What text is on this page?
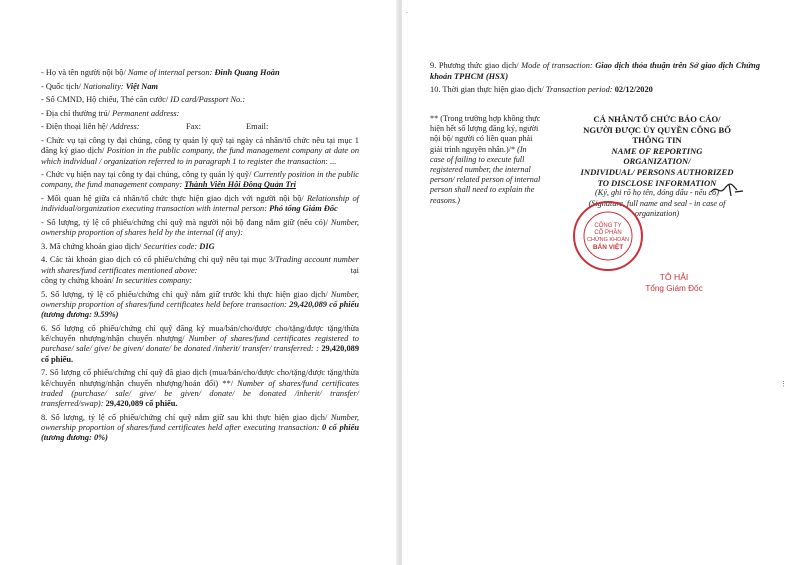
- Họ và tên người nội bộ/ Name of internal person: Đinh Quang Hoàn
- Quốc tịch/ Nationality: Việt Nam
- Số CMND, Hộ chiếu, Thẻ căn cước/ ID card/Passport No.:
- Địa chỉ thường trú/ Permanent address:
- Điện thoại liên hệ/ Address:	Fax:	Email:
- Chức vụ tại công ty đại chúng, công ty quản lý quỹ tại ngày cá nhân/tổ chức nêu tại mục 1 đăng ký giao dịch/ Position in the public company, the fund management company at date on which individual / organization referred to in paragraph 1 to register the transaction: ...
- Chức vụ hiện nay tại công ty đại chúng, công ty quản lý quỹ/ Currently position in the public company, the fund management company: Thành Viên Hội Đồng Quản Trị
- Mối quan hệ giữa cá nhân/tổ chức thực hiện giao dịch với người nội bộ/ Relationship of individual/organization executing transaction with internal person: Phó tổng Giám Đốc
- Số lượng, tỷ lệ cổ phiếu/chứng chỉ quỹ mà người nội bộ đang nắm giữ (nếu có)/ Number, ownership proportion of shares held by the internal (if any):
3. Mã chứng khoán giao dịch/ Securities code: DIG
4. Các tài khoản giao dịch có cổ phiếu/chứng chỉ quỹ nêu tại mục 3/Trading account number with shares/fund certificates mentioned above:	tại

công ty chứng khoán/ In securities company:
5. Số lượng, tỷ lệ cổ phiếu/chứng chỉ quỹ nắm giữ trước khi thực hiện giao dịch/ Number, ownership proportion of shares/fund certificates held before transaction: 29,420,089 cổ phiếu (tương đương: 9.59%)
6. Số lượng cổ phiếu/chứng chỉ quỹ đăng ký mua/bán/cho/được cho/tặng/được tặng/thừa kế/chuyển nhượng/nhận chuyển nhượng/ Number of shares/fund certificates registered to purchase/ sale/ give/ be given/ donate/ be donated /inherit/ transfer/ transferred: : 29,420,089 cổ phiếu.
7. Số lượng cổ phiếu/chứng chỉ quỹ đã giao dịch (mua/bán/cho/được cho/tặng/được tặng/thừa kế/chuyển nhượng/nhận chuyển nhượng/hoán đổi) **/ Number of shares/fund certificates traded (purchase/ sale/ give/ be given/ donate/ be donated /inherit/ transfer/ transferred/swap): 29,420,089 cổ phiếu.
8. Số lượng, tỷ lệ cổ phiếu/chứng chỉ quỹ nắm giữ sau khi thực hiện giao dịch/ Number, ownership proportion of shares/fund certificates held after executing transaction: 0 cổ phiếu (tương đương: 0%)
.
⋮
9. Phương thức giao dịch/ Mode of transaction: Giao dịch thỏa thuận trên Sở giao dịch Chứng khoán TPHCM (HSX)
10. Thời gian thực hiện giao dịch/ Transaction period: 02/12/2020
** (Trong trường hợp không thực hiện hết số lượng đăng ký, người nội bộ/ người có liên quan phải giải trình nguyên nhân.)/* (In case of failing to execute full registered number, the internal person/ related person of internal person shall need to explain the reasons.)
CÁ NHÂN/TỔ CHỨC BÁO CÁO/
NGƯỜI ĐƯỢC ỦY QUYỀN CÔNG BỐ
THÔNG TIN
NAME OF REPORTING
ORGANIZATION/
INDIVIDUAL/ PERSONS AUTHORIZED
TO DISCLOSE INFORMATION
(Ký, ghi rõ họ tên, đóng dấu - nếu có)
(Signature, full name and seal - in case of
organization)
CÔNG TY
CỔ PHẦN
CHỨNG KHOÁN
BẢN VIỆT
·
TÔ HẢI
Tổng Giám Đốc
